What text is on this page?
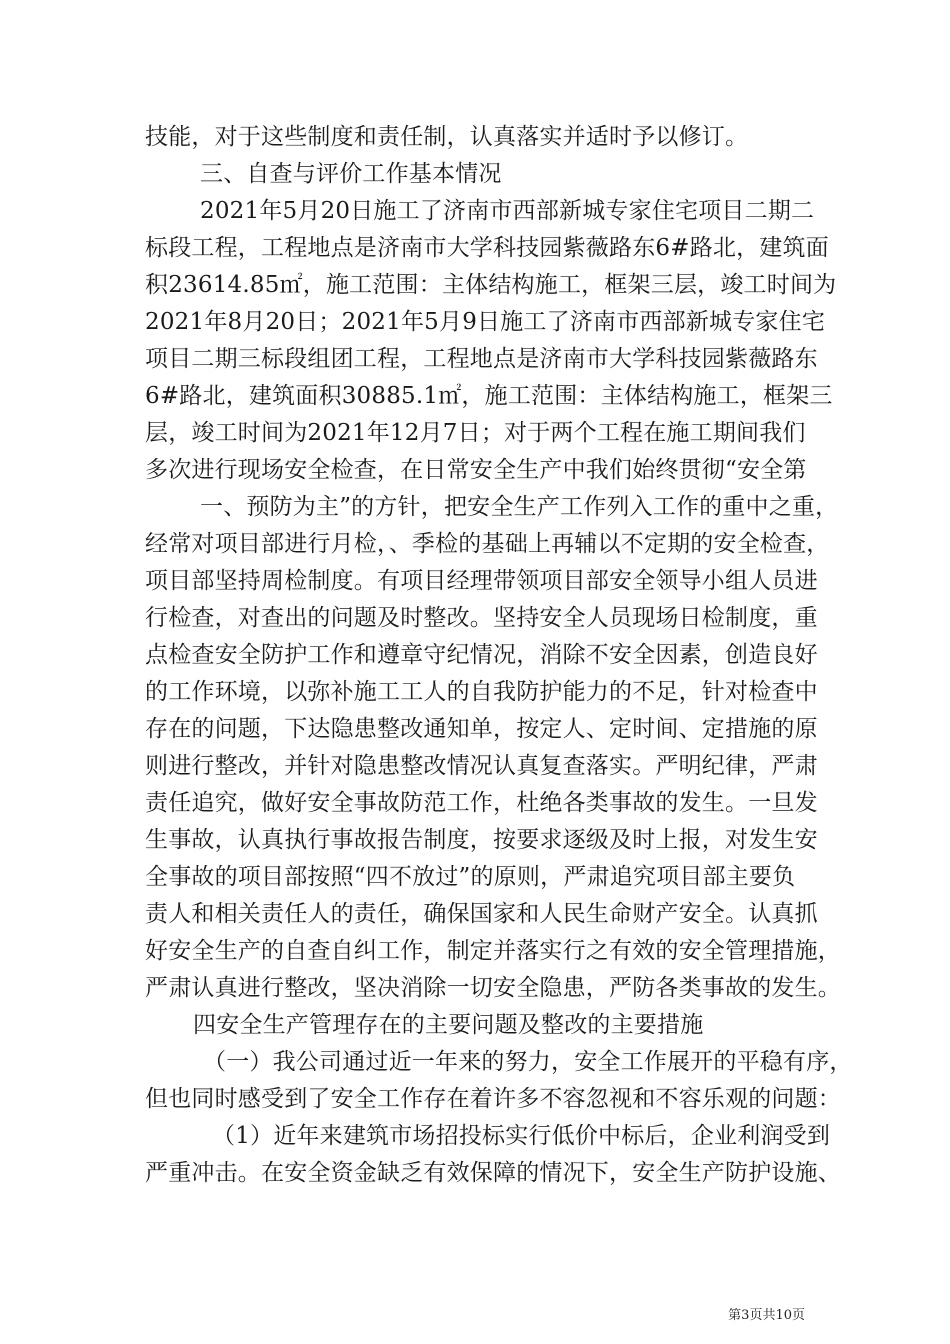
技能，对于这些制度和责任制，认真落实并适时予以修订。

三、自查与评价工作基本情况

2021年5月20日施工了济南市西部新城专家住宅项目二期二

标段工程，工程地点是济南市大学科技园紫薇路东6#路北，建筑面

积23614.85㎡，施工范围：主体结构施工，框架三层，竣工时间为

2021年8月20日；2021年5月9日施工了济南市西部新城专家住宅

项目二期三标段组团工程，工程地点是济南市大学科技园紫薇路东

6#路北，建筑面积30885.1㎡，施工范围：主体结构施工，框架三

层，竣工时间为2021年12月7日；对于两个工程在施工期间我们

多次进行现场安全检查，在日常安全生产中我们始终贯彻“安全第

一、预防为主”的方针，把安全生产工作列入工作的重中之重，

经常对项目部进行月检，、季检的基础上再辅以不定期的安全检查，

项目部坚持周检制度。有项目经理带领项目部安全领导小组人员进

行检查，对查出的问题及时整改。坚持安全人员现场日检制度，重

点检查安全防护工作和遵章守纪情况，消除不安全因素，创造良好

的工作环境，以弥补施工工人的自我防护能力的不足，针对检查中

存在的问题，下达隐患整改通知单，按定人、定时间、定措施的原

则进行整改，并针对隐患整改情况认真复查落实。严明纪律，严肃

责任追究，做好安全事故防范工作，杜绝各类事故的发生。一旦发

生事故，认真执行事故报告制度，按要求逐级及时上报，对发生安

全事故的项目部按照“四不放过”的原则，严肃追究项目部主要负

责人和相关责任人的责任，确保国家和人民生命财产安全。认真抓

好安全生产的自查自纠工作，制定并落实行之有效的安全管理措施，

严肃认真进行整改，坚决消除一切安全隐患，严防各类事故的发生。

四安全生产管理存在的主要问题及整改的主要措施

（一）我公司通过近一年来的努力，安全工作展开的平稳有序，

但也同时感受到了安全工作存在着许多不容忽视和不容乐观的问题：

（1）近年来建筑市场招投标实行低价中标后，企业利润受到

严重冲击。在安全资金缺乏有效保障的情况下，安全生产防护设施、

第3页共10页
